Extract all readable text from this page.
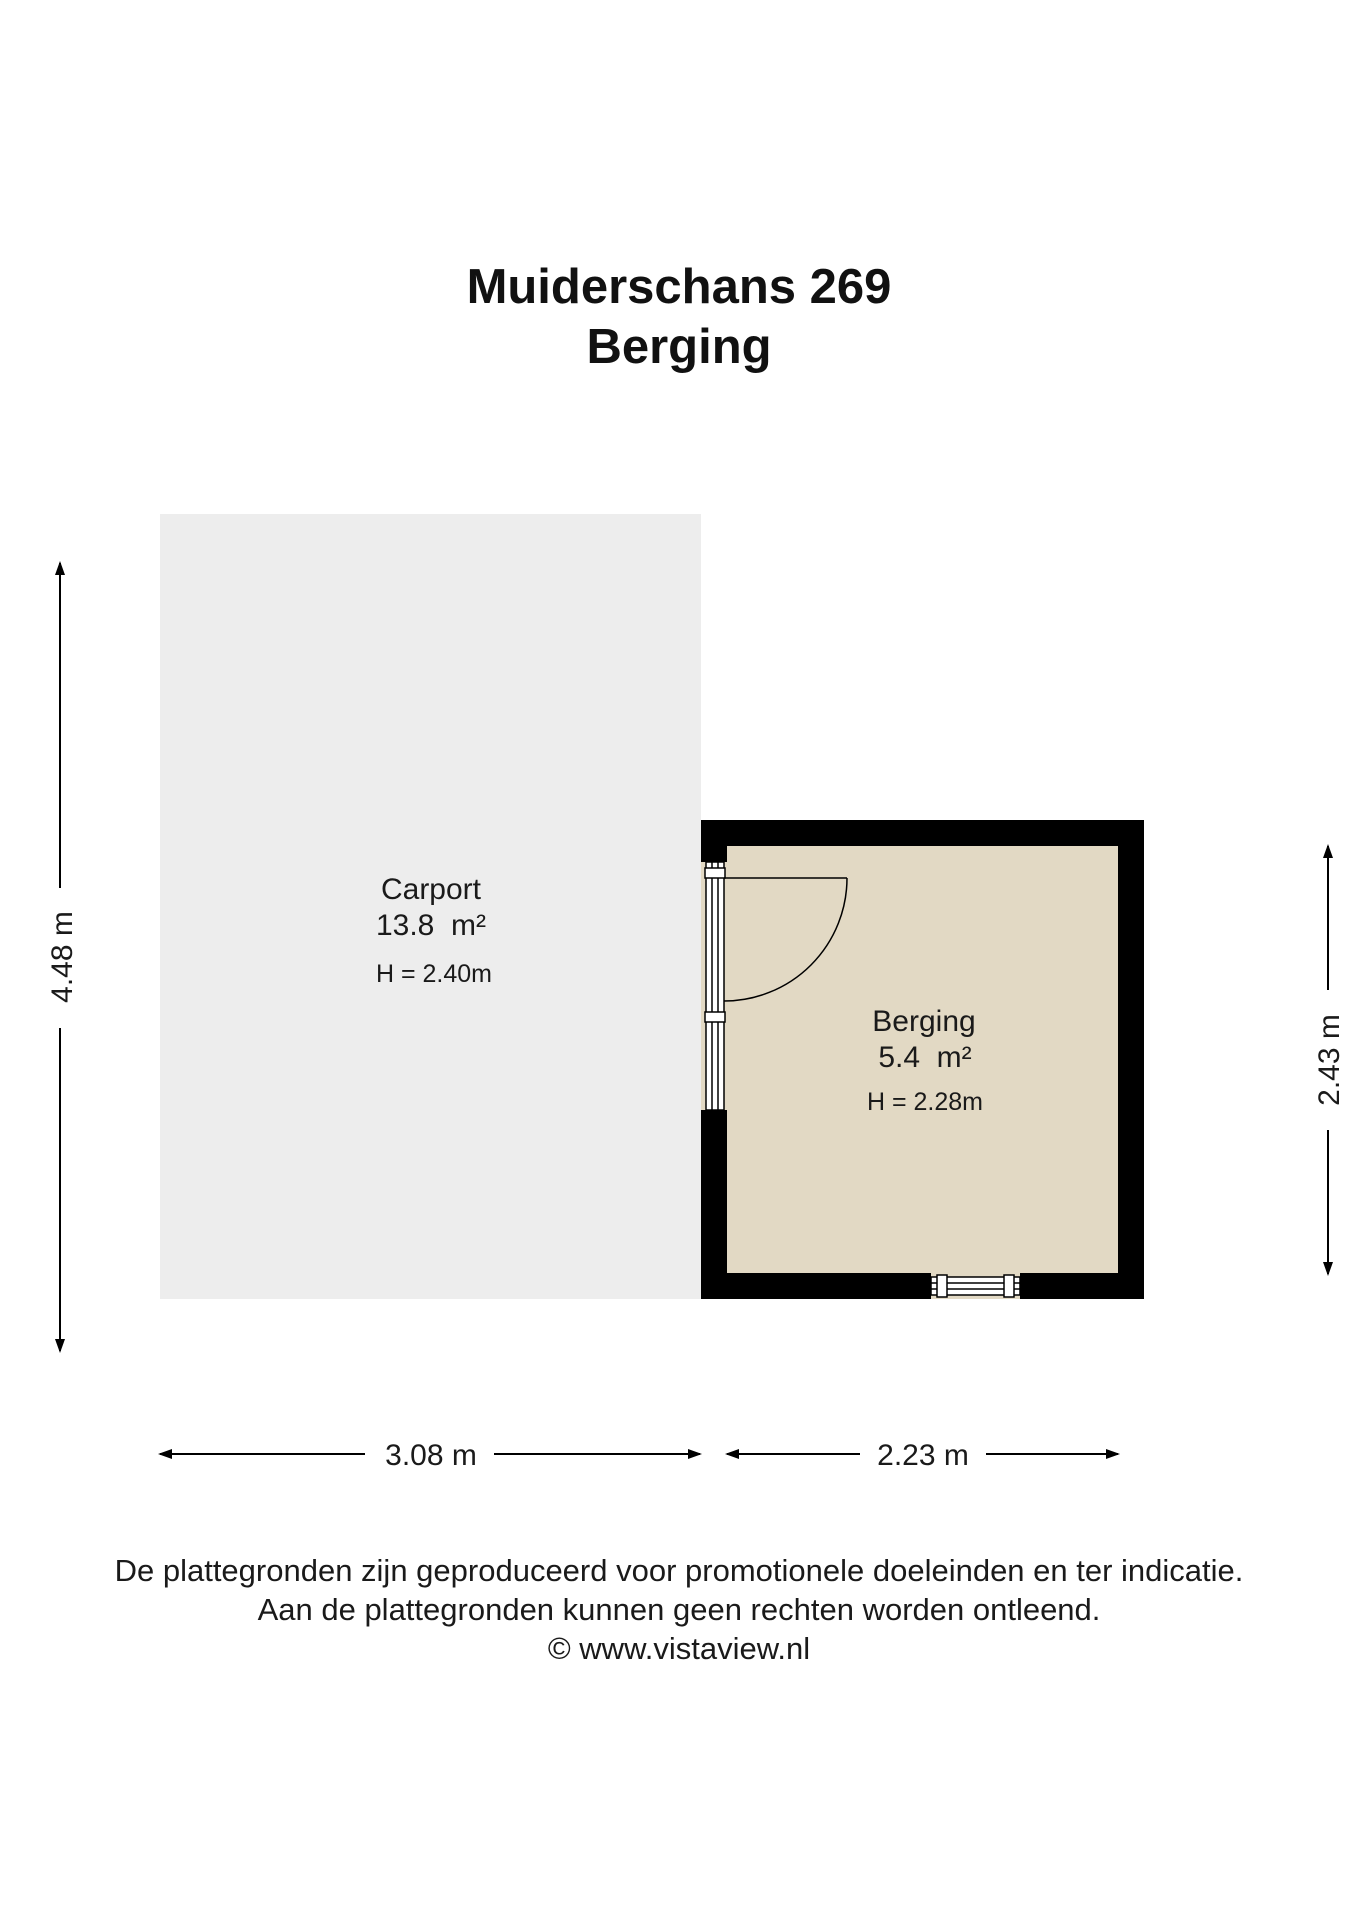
Muiderschans 269
Berging
Carport
13.8  m²
H = 2.40m
Berging
5.4  m²
H = 2.28m
4.48 m
2.43 m
3.08 m	2.23 m
De plattegronden zijn geproduceerd voor promotionele doeleinden en ter indicatie.
Aan de plattegronden kunnen geen rechten worden ontleend.
© www.vistaview.nl
